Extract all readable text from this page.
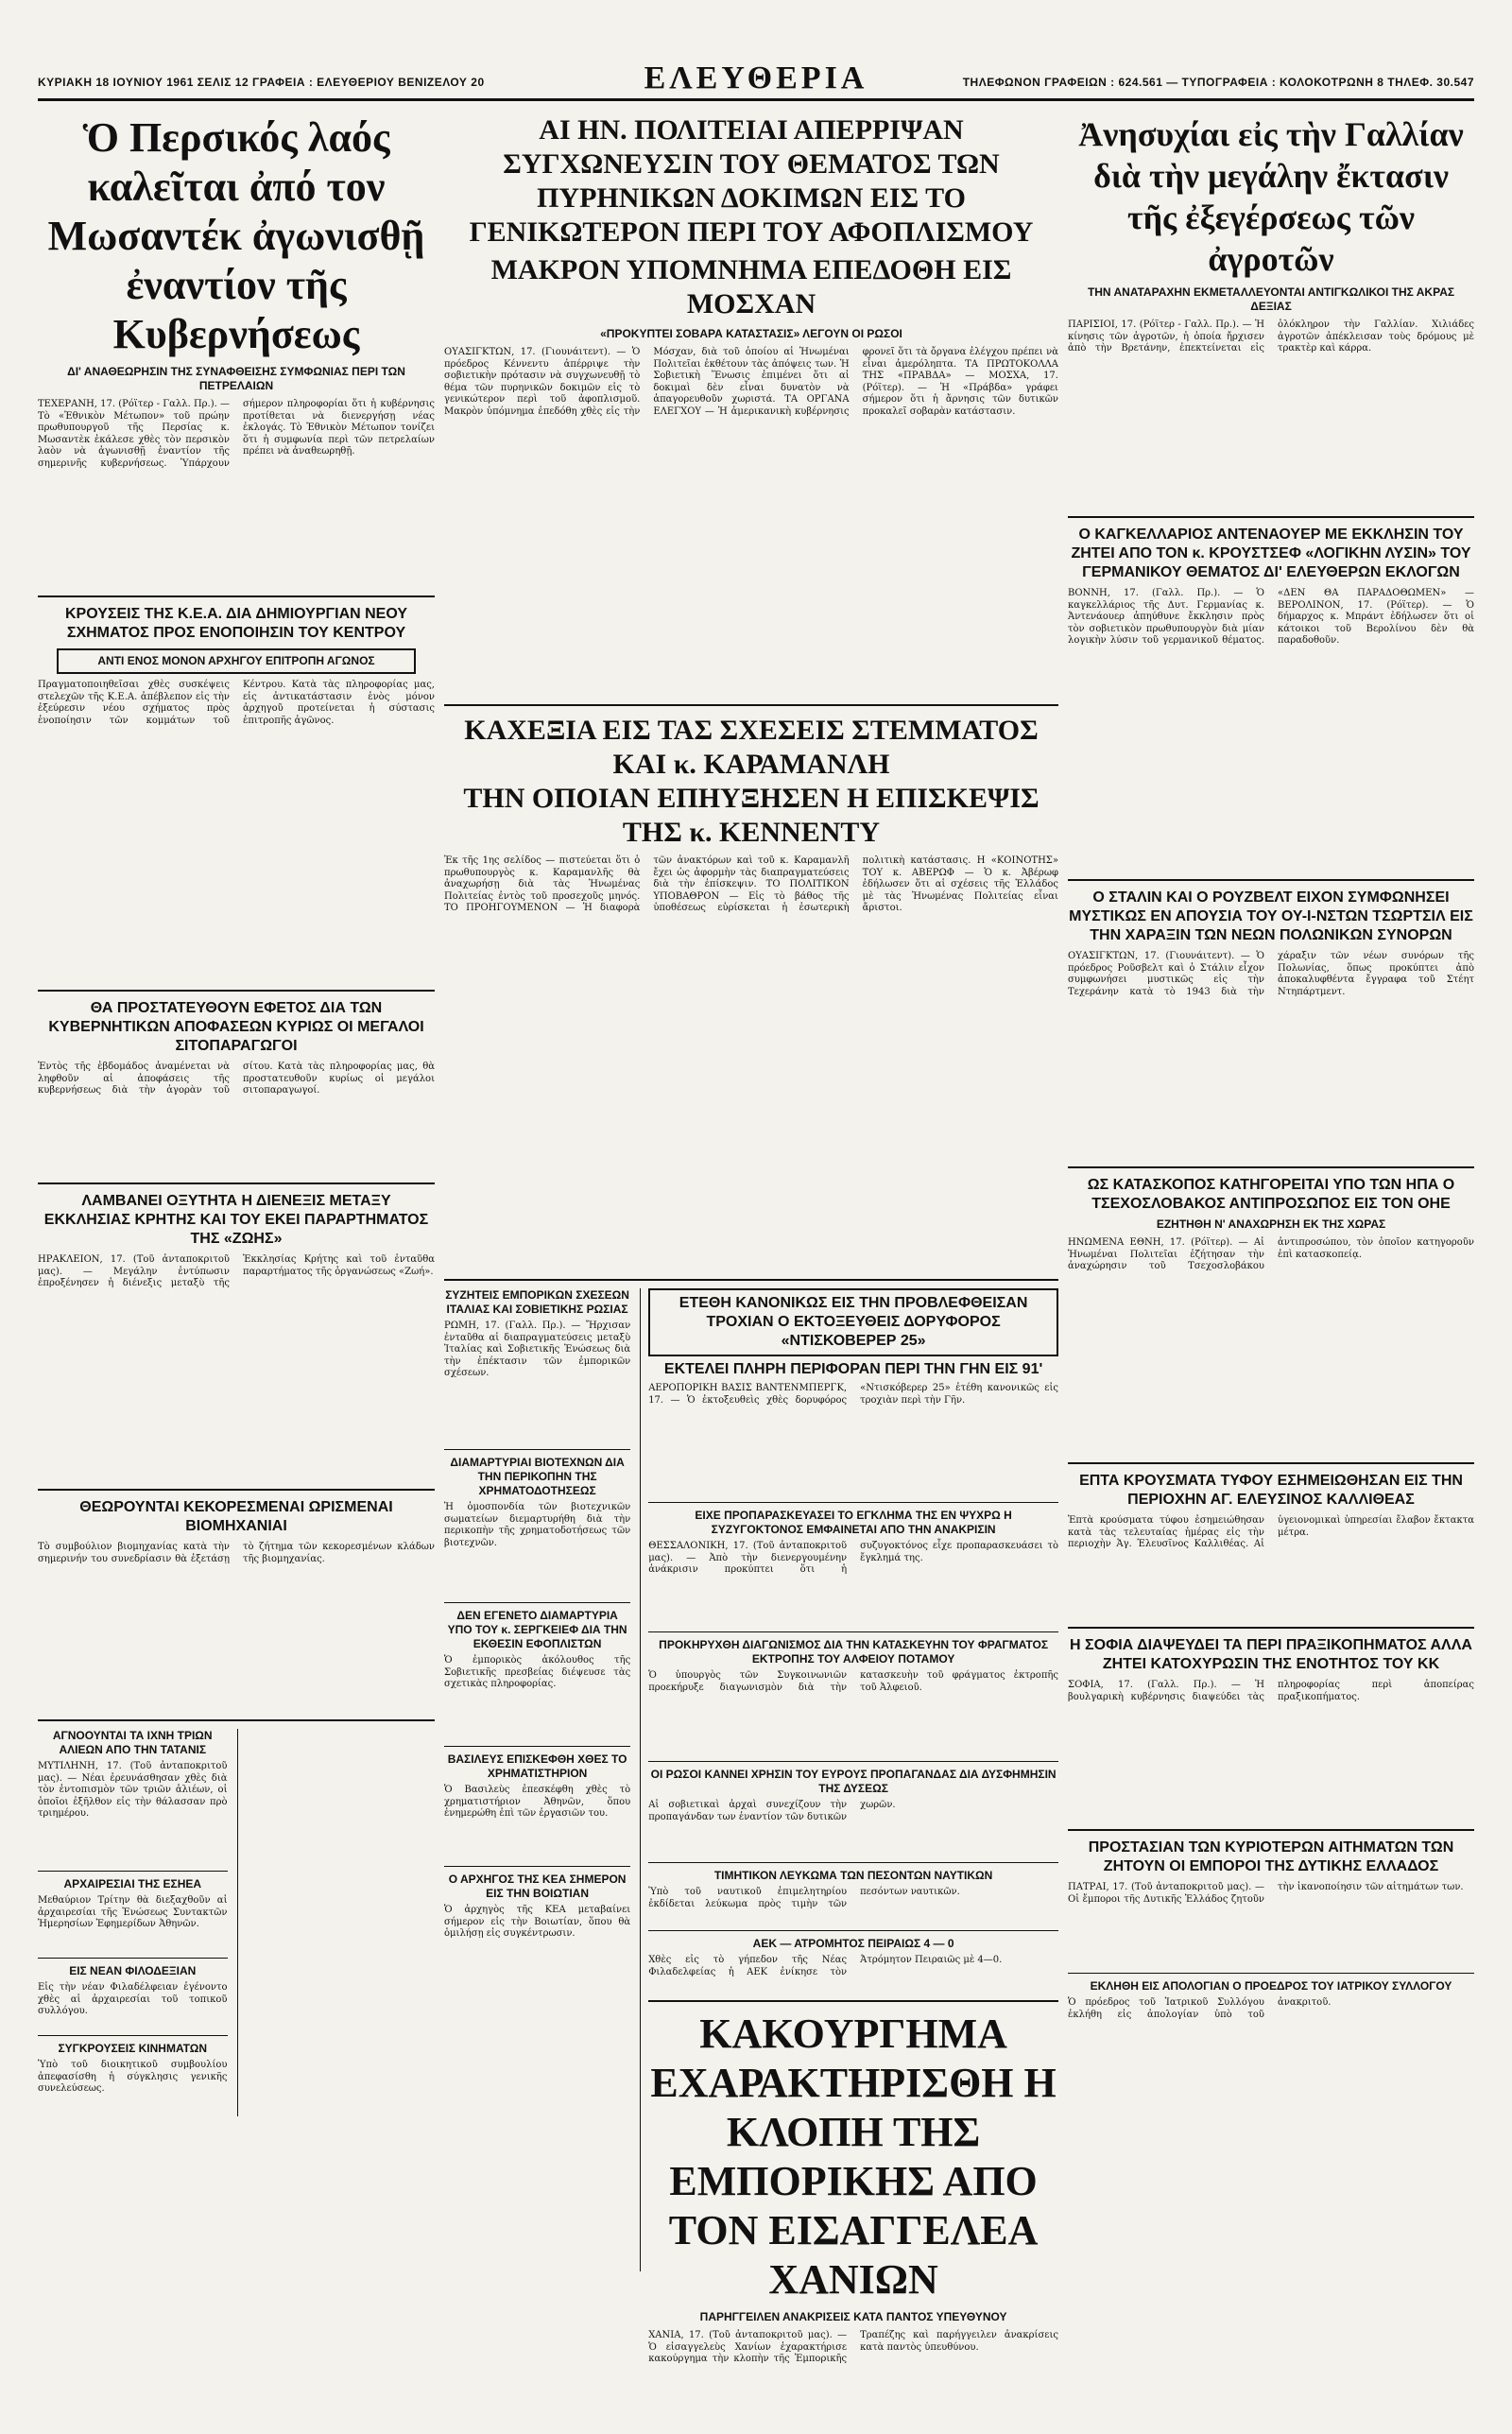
ΚΥΡΙΑΚΗ 18 ΙΟΥΝΙΟΥ 1961 ΣΕΛΙΣ 12 ΓΡΑΦΕΙΑ : ΕΛΕΥΘΕΡΙΟΥ ΒΕΝΙΖΕΛΟΥ 20	ΕΛΕΥΘΕΡΙΑ	ΤΗΛΕΦΩΝΟΝ ΓΡΑΦΕΙΩΝ : 624.561 — ΤΥΠΟΓΡΑΦΕΙΑ : ΚΟΛΟΚΟΤΡΩΝΗ 8 ΤΗΛΕΦ. 30.547
Ὁ Περσικός λαός καλεῖται ἀπό τον Μωσαντέκ ἀγωνισθῇ ἐναντίον τῆς Κυβερνήσεως
ΔΙ' ΑΝΑΘΕΩΡΗΣΙΝ ΤΗΣ ΣΥΝΑΦΘΕΙΣΗΣ ΣΥΜΦΩΝΙΑΣ ΠΕΡΙ ΤΩΝ ΠΕΤΡΕΛΑΙΩΝ
ΤΕΧΕΡΑΝΗ, 17. (Ρόϊτερ - Γαλλ. Πρ.). — Τὸ «Ἐθνικὸν Μέτωπον» τοῦ πρώην πρωθυπουργοῦ τῆς Περσίας κ. Μωσαντὲκ ἐκάλεσε χθὲς τὸν περσικὸν λαὸν νὰ ἀγωνισθῇ ἐναντίον τῆς σημερινῆς κυβερνήσεως. Ὑπάρχουν σήμερον πληροφορίαι ὅτι ἡ κυβέρνησις προτίθεται νὰ διενεργήσῃ νέας ἐκλογάς. Τὸ Ἐθνικὸν Μέτωπον τονίζει ὅτι ἡ συμφωνία περὶ τῶν πετρελαίων πρέπει νὰ ἀναθεωρηθῇ.
ΚΡΟΥΣΕΙΣ ΤΗΣ Κ.Ε.Α. ΔΙΑ ΔΗΜΙΟΥΡΓΙΑΝ ΝΕΟΥ ΣΧΗΜΑΤΟΣ ΠΡΟΣ ΕΝΟΠΟΙΗΣΙΝ ΤΟΥ ΚΕΝΤΡΟΥ
ΑΝΤΙ ΕΝΟΣ ΜΟΝΟΝ ΑΡΧΗΓΟΥ ΕΠΙΤΡΟΠΗ ΑΓΩΝΟΣ
Πραγματοποιηθεῖσαι χθὲς συσκέψεις στελεχῶν τῆς Κ.Ε.Α. ἀπέβλεπον εἰς τὴν ἐξεύρεσιν νέου σχήματος πρὸς ἐνοποίησιν τῶν κομμάτων τοῦ Κέντρου. Κατὰ τὰς πληροφορίας μας, εἰς ἀντικατάστασιν ἑνὸς μόνον ἀρχηγοῦ προτείνεται ἡ σύστασις ἐπιτροπῆς ἀγῶνος.
ΘΑ ΠΡΟΣΤΑΤΕΥΘΟΥΝ ΕΦΕΤΟΣ ΔΙΑ ΤΩΝ ΚΥΒΕΡΝΗΤΙΚΩΝ ΑΠΟΦΑΣΕΩΝ ΚΥΡΙΩΣ ΟΙ ΜΕΓΑΛΟΙ ΣΙΤΟΠΑΡΑΓΩΓΟΙ
Ἐντὸς τῆς ἑβδομάδος ἀναμένεται νὰ ληφθοῦν αἱ ἀποφάσεις τῆς κυβερνήσεως διὰ τὴν ἀγορὰν τοῦ σίτου. Κατὰ τὰς πληροφορίας μας, θὰ προστατευθοῦν κυρίως οἱ μεγάλοι σιτοπαραγωγοί.
ΛΑΜΒΑΝΕΙ ΟΞΥΤΗΤΑ Η ΔΙΕΝΕΞΙΣ ΜΕΤΑΞΥ ΕΚΚΛΗΣΙΑΣ ΚΡΗΤΗΣ ΚΑΙ ΤΟΥ ΕΚΕΙ ΠΑΡΑΡΤΗΜΑΤΟΣ ΤΗΣ «ΖΩΗΣ»
ΗΡΑΚΛΕΙΟΝ, 17. (Τοῦ ἀνταποκριτοῦ μας). — Μεγάλην ἐντύπωσιν ἐπροξένησεν ἡ διένεξις μεταξὺ τῆς Ἐκκλησίας Κρήτης καὶ τοῦ ἐνταῦθα παραρτήματος τῆς ὀργανώσεως «Ζωή».
ΘΕΩΡΟΥΝΤΑΙ ΚΕΚΟΡΕΣΜΕΝΑΙ ΩΡΙΣΜΕΝΑΙ ΒΙΟΜΗΧΑΝΙΑΙ
Τὸ συμβούλιον βιομηχανίας κατὰ τὴν σημερινήν του συνεδρίασιν θὰ ἐξετάσῃ τὸ ζήτημα τῶν κεκορεσμένων κλάδων τῆς βιομηχανίας.
ΑΓΝΟΟΥΝΤΑΙ ΤΑ ΙΧΝΗ ΤΡΙΩΝ ΑΛΙΕΩΝ ΑΠΟ ΤΗΝ ΤΑΤΑΝΙΣ
ΜΥΤΙΛΗΝΗ, 17. (Τοῦ ἀνταποκριτοῦ μας). — Νέαι ἐρευνάσθησαν χθὲς διὰ τὸν ἐντοπισμὸν τῶν τριῶν ἁλιέων, οἱ ὁποῖοι ἐξῆλθον εἰς τὴν θάλασσαν πρὸ τριημέρου.
ΑΡΧΑΙΡΕΣΙΑΙ ΤΗΣ ΕΣΗΕΑ
Μεθαύριον Τρίτην θὰ διεξαχθοῦν αἱ ἀρχαιρεσίαι τῆς Ἑνώσεως Συντακτῶν Ἡμερησίων Ἐφημερίδων Ἀθηνῶν.
ΕΙΣ ΝΕΑΝ ΦΙΛΟΔΕΞΙΑΝ
Εἰς τὴν νέαν Φιλαδέλφειαν ἐγένοντο χθὲς αἱ ἀρχαιρεσίαι τοῦ τοπικοῦ συλλόγου.
ΣΥΓΚΡΟΥΣΕΙΣ ΚΙΝΗΜΑΤΩΝ
Ὑπὸ τοῦ διοικητικοῦ συμβουλίου ἀπεφασίσθη ἡ σύγκλησις γενικῆς συνελεύσεως.
ΑΙ ΗΝ. ΠΟΛΙΤΕΙΑΙ ΑΠΕΡΡΙΨΑΝ ΣΥΓΧΩΝΕΥΣΙΝ ΤΟΥ ΘΕΜΑΤΟΣ ΤΩΝ ΠΥΡΗΝΙΚΩΝ ΔΟΚΙΜΩΝ ΕΙΣ ΤΟ ΓΕΝΙΚΩΤΕΡΟΝ ΠΕΡΙ ΤΟΥ ΑΦΟΠΛΙΣΜΟΥ
ΜΑΚΡΟΝ ΥΠΟΜΝΗΜΑ ΕΠΕΔΟΘΗ ΕΙΣ ΜΟΣΧΑΝ
«ΠΡΟΚΥΠΤΕΙ ΣΟΒΑΡΑ ΚΑΤΑΣΤΑΣΙΣ» ΛΕΓΟΥΝ ΟΙ ΡΩΣΟΙ
ΟΥΑΣΙΓΚΤΩΝ, 17. (Γιουνάιτεντ). — Ὁ πρόεδρος Κέννεντυ ἀπέρριψε τὴν σοβιετικὴν πρότασιν νὰ συγχωνευθῇ τὸ θέμα τῶν πυρηνικῶν δοκιμῶν εἰς τὸ γενικώτερον περὶ τοῦ ἀφοπλισμοῦ. Μακρὸν ὑπόμνημα ἐπεδόθη χθὲς εἰς τὴν Μόσχαν, διὰ τοῦ ὁποίου αἱ Ἡνωμέναι Πολιτεῖαι ἐκθέτουν τὰς ἀπόψεις των. Ἡ Σοβιετικὴ Ἕνωσις ἐπιμένει ὅτι αἱ δοκιμαὶ δὲν εἶναι δυνατὸν νὰ ἀπαγορευθοῦν χωριστά. ΤΑ ΟΡΓΑΝΑ ΕΛΕΓΧΟΥ — Ἡ ἀμερικανικὴ κυβέρνησις φρονεῖ ὅτι τὰ ὄργανα ἐλέγχου πρέπει νὰ εἶναι ἀμερόληπτα. ΤΑ ΠΡΩΤΟΚΟΛΛΑ ΤΗΣ «ΠΡΑΒΔΑ» — ΜΟΣΧΑ, 17. (Ρόϊτερ). — Ἡ «Πράβδα» γράφει σήμερον ὅτι ἡ ἄρνησις τῶν δυτικῶν προκαλεῖ σοβαρὰν κατάστασιν.
ΚΑΧΕΞΙΑ ΕΙΣ ΤΑΣ ΣΧΕΣΕΙΣ ΣΤΕΜΜΑΤΟΣ ΚΑΙ κ. ΚΑΡΑΜΑΝΛΗ
ΤΗΝ ΟΠΟΙΑΝ ΕΠΗΥΞΗΣΕΝ Η ΕΠΙΣΚΕΨΙΣ ΤΗΣ κ. ΚΕΝΝΕΝΤΥ
Ἐκ τῆς 1ης σελίδος — πιστεύεται ὅτι ὁ πρωθυπουργὸς κ. Καραμανλῆς θὰ ἀναχωρήσῃ διὰ τὰς Ἡνωμένας Πολιτείας ἐντὸς τοῦ προσεχοῦς μηνός. ΤΟ ΠΡΟΗΓΟΥΜΕΝΟΝ — Ἡ διαφορὰ τῶν ἀνακτόρων καὶ τοῦ κ. Καραμανλῆ ἔχει ὡς ἀφορμὴν τὰς διαπραγματεύσεις διὰ τὴν ἐπίσκεψιν. ΤΟ ΠΟΛΙΤΙΚΟΝ ΥΠΟΒΑΘΡΟΝ — Εἰς τὸ βάθος τῆς ὑποθέσεως εὑρίσκεται ἡ ἐσωτερικὴ πολιτικὴ κατάστασις. Η «ΚΟΙΝΟΤΗΣ» ΤΟΥ κ. ΑΒΕΡΩΦ — Ὁ κ. Ἀβέρωφ ἐδήλωσεν ὅτι αἱ σχέσεις τῆς Ἑλλάδος μὲ τὰς Ἡνωμένας Πολιτείας εἶναι ἄριστοι.
ΣΥΖΗΤΕΙΣ ΕΜΠΟΡΙΚΩΝ ΣΧΕΣΕΩΝ ΙΤΑΛΙΑΣ ΚΑΙ ΣΟΒΙΕΤΙΚΗΣ ΡΩΣΙΑΣ
ΡΩΜΗ, 17. (Γαλλ. Πρ.). — Ἤρχισαν ἐνταῦθα αἱ διαπραγματεύσεις μεταξὺ Ἰταλίας καὶ Σοβιετικῆς Ἑνώσεως διὰ τὴν ἐπέκτασιν τῶν ἐμπορικῶν σχέσεων.
ΔΙΑΜΑΡΤΥΡΙΑΙ ΒΙΟΤΕΧΝΩΝ ΔΙΑ ΤΗΝ ΠΕΡΙΚΟΠΗΝ ΤΗΣ ΧΡΗΜΑΤΟΔΟΤΗΣΕΩΣ
Ἡ ὁμοσπονδία τῶν βιοτεχνικῶν σωματείων διεμαρτυρήθη διὰ τὴν περικοπὴν τῆς χρηματοδοτήσεως τῶν βιοτεχνῶν.
ΔΕΝ ΕΓΕΝΕΤΟ ΔΙΑΜΑΡΤΥΡΙΑ ΥΠΟ ΤΟΥ κ. ΣΕΡΓΚΕΙΕΦ ΔΙΑ ΤΗΝ ΕΚΘΕΣΙΝ ΕΦΟΠΛΙΣΤΩΝ
Ὁ ἐμπορικὸς ἀκόλουθος τῆς Σοβιετικῆς πρεσβείας διέψευσε τὰς σχετικὰς πληροφορίας.
ΒΑΣΙΛΕΥΣ ΕΠΙΣΚΕΦΘΗ ΧΘΕΣ ΤΟ ΧΡΗΜΑΤΙΣΤΗΡΙΟΝ
Ὁ Βασιλεὺς ἐπεσκέφθη χθὲς τὸ χρηματιστήριον Ἀθηνῶν, ὅπου ἐνημερώθη ἐπὶ τῶν ἐργασιῶν του.
Ο ΑΡΧΗΓΟΣ ΤΗΣ ΚΕΑ ΣΗΜΕΡΟΝ ΕΙΣ ΤΗΝ ΒΟΙΩΤΙΑΝ
Ὁ ἀρχηγὸς τῆς ΚΕΑ μεταβαίνει σήμερον εἰς τὴν Βοιωτίαν, ὅπου θὰ ὁμιλήσῃ εἰς συγκέντρωσιν.
ΕΤΕΘΗ ΚΑΝΟΝΙΚΩΣ ΕΙΣ ΤΗΝ ΠΡΟΒΛΕΦΘΕΙΣΑΝ ΤΡΟΧΙΑΝ Ο ΕΚΤΟΞΕΥΘΕΙΣ ΔΟΡΥΦΟΡΟΣ «ΝΤΙΣΚΟΒΕΡΕΡ 25»
ΕΚΤΕΛΕΙ ΠΛΗΡΗ ΠΕΡΙΦΟΡΑΝ ΠΕΡΙ ΤΗΝ ΓΗΝ ΕΙΣ 91'
ΑΕΡΟΠΟΡΙΚΗ ΒΑΣΙΣ ΒΑΝΤΕΝΜΠΕΡΓΚ, 17. — Ὁ ἐκτοξευθεὶς χθὲς δορυφόρος «Ντισκόβερερ 25» ἐτέθη κανονικῶς εἰς τροχιὰν περὶ τὴν Γῆν.
ΕΙΧΕ ΠΡΟΠΑΡΑΣΚΕΥΑΣΕΙ ΤΟ ΕΓΚΛΗΜΑ ΤΗΣ ΕΝ ΨΥΧΡΩ Η ΣΥΖΥΓΟΚΤΟΝΟΣ ΕΜΦΑΙΝΕΤΑΙ ΑΠΟ ΤΗΝ ΑΝΑΚΡΙΣΙΝ
ΘΕΣΣΑΛΟΝΙΚΗ, 17. (Τοῦ ἀνταποκριτοῦ μας). — Ἀπὸ τὴν διενεργουμένην ἀνάκρισιν προκύπτει ὅτι ἡ συζυγοκτόνος εἶχε προπαρασκευάσει τὸ ἔγκλημά της.
ΠΡΟΚΗΡΥΧΘΗ ΔΙΑΓΩΝΙΣΜΟΣ ΔΙΑ ΤΗΝ ΚΑΤΑΣΚΕΥΗΝ ΤΟΥ ΦΡΑΓΜΑΤΟΣ ΕΚΤΡΟΠΗΣ ΤΟΥ ΑΛΦΕΙΟΥ ΠΟΤΑΜΟΥ
Ὁ ὑπουργὸς τῶν Συγκοινωνιῶν προεκήρυξε διαγωνισμὸν διὰ τὴν κατασκευὴν τοῦ φράγματος ἐκτροπῆς τοῦ Ἀλφειοῦ.
ΟΙ ΡΩΣΟΙ ΚΑΝΝΕΙ ΧΡΗΣΙΝ ΤΟΥ ΕΥΡΟΥΣ ΠΡΟΠΑΓΑΝΔΑΣ ΔΙΑ ΔΥΣΦΗΜΗΣΙΝ ΤΗΣ ΔΥΣΕΩΣ
Αἱ σοβιετικαὶ ἀρχαὶ συνεχίζουν τὴν προπαγάνδαν των ἐναντίον τῶν δυτικῶν χωρῶν.
ΤΙΜΗΤΙΚΟΝ ΛΕΥΚΩΜΑ ΤΩΝ ΠΕΣΟΝΤΩΝ ΝΑΥΤΙΚΩΝ
Ὑπὸ τοῦ ναυτικοῦ ἐπιμελητηρίου ἐκδίδεται λεύκωμα πρὸς τιμὴν τῶν πεσόντων ναυτικῶν.
ΑΕΚ — ΑΤΡΟΜΗΤΟΣ ΠΕΙΡΑΙΩΣ 4 — 0
Χθὲς εἰς τὸ γήπεδον τῆς Νέας Φιλαδελφείας ἡ ΑΕΚ ἐνίκησε τὸν Ἀτρόμητον Πειραιῶς μὲ 4—0.
ΚΑΚΟΥΡΓΗΜΑ ΕΧΑΡΑΚΤΗΡΙΣΘΗ Η ΚΛΟΠΗ ΤΗΣ ΕΜΠΟΡΙΚΗΣ ΑΠΟ ΤΟΝ ΕΙΣΑΓΓΕΛΕΑ ΧΑΝΙΩΝ
ΠΑΡΗΓΓΕΙΛΕΝ ΑΝΑΚΡΙΣΕΙΣ ΚΑΤΑ ΠΑΝΤΟΣ ΥΠΕΥΘΥΝΟΥ
ΧΑΝΙΑ, 17. (Τοῦ ἀνταποκριτοῦ μας). — Ὁ εἰσαγγελεὺς Χανίων ἐχαρακτήρισε κακούργημα τὴν κλοπὴν τῆς Ἐμπορικῆς Τραπέζης καὶ παρήγγειλεν ἀνακρίσεις κατὰ παντὸς ὑπευθύνου.
Ἀνησυχίαι εἰς τὴν Γαλλίαν διὰ τὴν μεγάλην ἔκτασιν τῆς ἐξεγέρσεως τῶν ἀγροτῶν
ΤΗΝ ΑΝΑΤΑΡΑΧΗΝ ΕΚΜΕΤΑΛΛΕΥΟΝΤΑΙ ΑΝΤΙΓΚΩΛΙΚΟΙ ΤΗΣ ΑΚΡΑΣ ΔΕΞΙΑΣ
ΠΑΡΙΣΙΟΙ, 17. (Ρόϊτερ - Γαλλ. Πρ.). — Ἡ κίνησις τῶν ἀγροτῶν, ἡ ὁποία ἤρχισεν ἀπὸ τὴν Βρετάνην, ἐπεκτείνεται εἰς ὁλόκληρον τὴν Γαλλίαν. Χιλιάδες ἀγροτῶν ἀπέκλεισαν τοὺς δρόμους μὲ τρακτὲρ καὶ κάρρα.
Ο ΚΑΓΚΕΛΛΑΡΙΟΣ ΑΝΤΕΝΑΟΥΕΡ ΜΕ ΕΚΚΛΗΣΙΝ ΤΟΥ ΖΗΤΕΙ ΑΠΟ ΤΟΝ κ. ΚΡΟΥΣΤΣΕΦ «ΛΟΓΙΚΗΝ ΛΥΣΙΝ» ΤΟΥ ΓΕΡΜΑΝΙΚΟΥ ΘΕΜΑΤΟΣ ΔΙ' ΕΛΕΥΘΕΡΩΝ ΕΚΛΟΓΩΝ
ΒΟΝΝΗ, 17. (Γαλλ. Πρ.). — Ὁ καγκελλάριος τῆς Δυτ. Γερμανίας κ. Ἀντενάουερ ἀπηύθυνε ἔκκλησιν πρὸς τὸν σοβιετικὸν πρωθυπουργὸν διὰ μίαν λογικὴν λύσιν τοῦ γερμανικοῦ θέματος. «ΔΕΝ ΘΑ ΠΑΡΑΔΟΘΩΜΕΝ» — ΒΕΡΟΛΙΝΟΝ, 17. (Ρόϊτερ). — Ὁ δήμαρχος κ. Μπράντ ἐδήλωσεν ὅτι οἱ κάτοικοι τοῦ Βερολίνου δὲν θὰ παραδοθοῦν.
Ο ΣΤΑΛΙΝ ΚΑΙ Ο ΡΟΥΖΒΕΛΤ ΕΙΧΟΝ ΣΥΜΦΩΝΗΣΕΙ ΜΥΣΤΙΚΩΣ ΕΝ ΑΠΟΥΣΙΑ ΤΟΥ ΟΥ-Ι-ΝΣΤΩΝ ΤΣΩΡΤΣΙΛ ΕΙΣ ΤΗΝ ΧΑΡΑΞΙΝ ΤΩΝ ΝΕΩΝ ΠΟΛΩΝΙΚΩΝ ΣΥΝΟΡΩΝ
ΟΥΑΣΙΓΚΤΩΝ, 17. (Γιουνάιτεντ). — Ὁ πρόεδρος Ροῦσβελτ καὶ ὁ Στάλιν εἶχον συμφωνήσει μυστικῶς εἰς τὴν Τεχεράνην κατὰ τὸ 1943 διὰ τὴν χάραξιν τῶν νέων συνόρων τῆς Πολωνίας, ὅπως προκύπτει ἀπὸ ἀποκαλυφθέντα ἔγγραφα τοῦ Στέητ Ντηπάρτμεντ.
ΩΣ ΚΑΤΑΣΚΟΠΟΣ ΚΑΤΗΓΟΡΕΙΤΑΙ ΥΠΟ ΤΩΝ ΗΠΑ Ο ΤΣΕΧΟΣΛΟΒΑΚΟΣ ΑΝΤΙΠΡΟΣΩΠΟΣ ΕΙΣ ΤΟΝ ΟΗΕ
ΕΖΗΤΗΘΗ Ν' ΑΝΑΧΩΡΗΣΗ ΕΚ ΤΗΣ ΧΩΡΑΣ
ΗΝΩΜΕΝΑ ΕΘΝΗ, 17. (Ρόϊτερ). — Αἱ Ἡνωμέναι Πολιτεῖαι ἐζήτησαν τὴν ἀναχώρησιν τοῦ Τσεχοσλοβάκου ἀντιπροσώπου, τὸν ὁποῖον κατηγοροῦν ἐπὶ κατασκοπείᾳ.
ΕΠΤΑ ΚΡΟΥΣΜΑΤΑ ΤΥΦΟΥ ΕΣΗΜΕΙΩΘΗΣΑΝ ΕΙΣ ΤΗΝ ΠΕΡΙΟΧΗΝ ΑΓ. ΕΛΕΥΣΙΝΟΣ ΚΑΛΛΙΘΕΑΣ
Ἑπτὰ κρούσματα τύφου ἐσημειώθησαν κατὰ τὰς τελευταίας ἡμέρας εἰς τὴν περιοχὴν Ἁγ. Ἐλευσῖνος Καλλιθέας. Αἱ ὑγειονομικαὶ ὑπηρεσίαι ἔλαβον ἔκτακτα μέτρα.
Η ΣΟΦΙΑ ΔΙΑΨΕΥΔΕΙ ΤΑ ΠΕΡΙ ΠΡΑΞΙΚΟΠΗΜΑΤΟΣ ΑΛΛΑ ΖΗΤΕΙ ΚΑΤΟΧΥΡΩΣΙΝ ΤΗΣ ΕΝΟΤΗΤΟΣ ΤΟΥ ΚΚ
ΣΟΦΙΑ, 17. (Γαλλ. Πρ.). — Ἡ βουλγαρικὴ κυβέρνησις διαψεύδει τὰς πληροφορίας περὶ ἀποπείρας πραξικοπήματος.
ΠΡΟΣΤΑΣΙΑΝ ΤΩΝ ΚΥΡΙΟΤΕΡΩΝ ΑΙΤΗΜΑΤΩΝ ΤΩΝ ΖΗΤΟΥΝ ΟΙ ΕΜΠΟΡΟΙ ΤΗΣ ΔΥΤΙΚΗΣ ΕΛΛΑΔΟΣ
ΠΑΤΡΑΙ, 17. (Τοῦ ἀνταποκριτοῦ μας). — Οἱ ἔμποροι τῆς Δυτικῆς Ἑλλάδος ζητοῦν τὴν ἱκανοποίησιν τῶν αἰτημάτων των.
ΕΚΛΗΘΗ ΕΙΣ ΑΠΟΛΟΓΙΑΝ Ο ΠΡΟΕΔΡΟΣ ΤΟΥ ΙΑΤΡΙΚΟΥ ΣΥΛΛΟΓΟΥ
Ὁ πρόεδρος τοῦ Ἰατρικοῦ Συλλόγου ἐκλήθη εἰς ἀπολογίαν ὑπὸ τοῦ ἀνακριτοῦ.
